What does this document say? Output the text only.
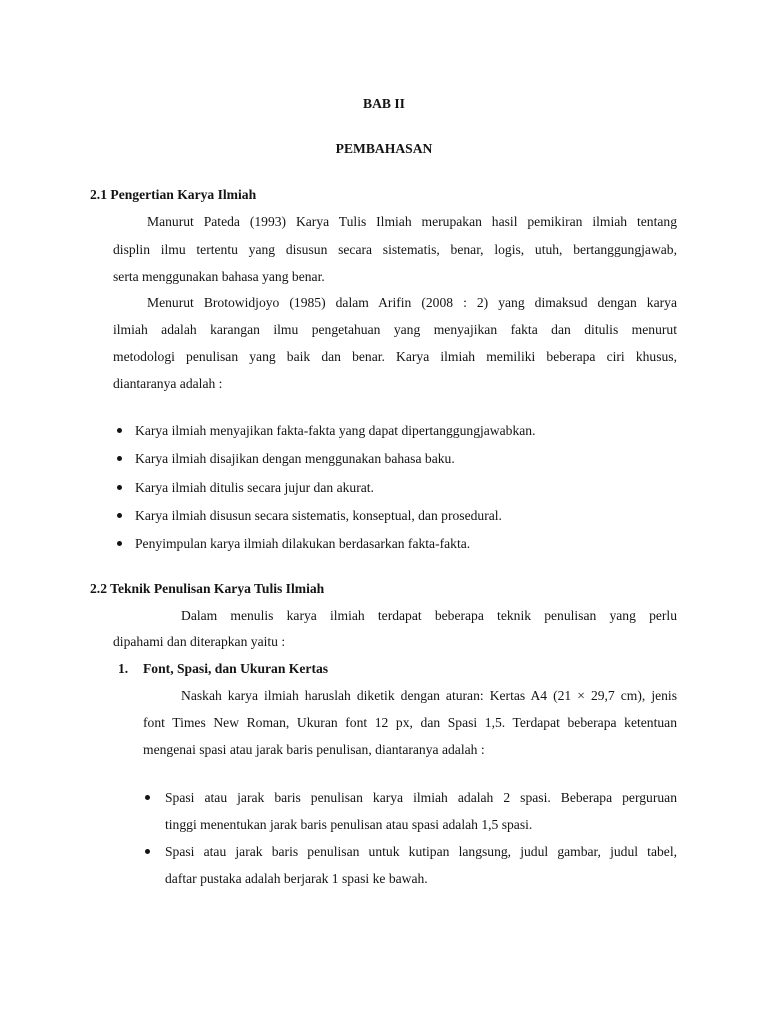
BAB II
PEMBAHASAN
2.1 Pengertian Karya Ilmiah
Manurut Pateda (1993) Karya Tulis Ilmiah merupakan hasil pemikiran ilmiah tentang
displin ilmu tertentu yang disusun secara sistematis, benar, logis, utuh, bertanggungjawab,
serta menggunakan bahasa yang benar.
Menurut Brotowidjoyo (1985) dalam Arifin (2008 : 2) yang dimaksud dengan karya
ilmiah adalah karangan ilmu pengetahuan yang menyajikan fakta dan ditulis menurut
metodologi penulisan yang baik dan benar. Karya ilmiah memiliki beberapa ciri khusus,
diantaranya adalah :
Karya ilmiah menyajikan fakta-fakta yang dapat dipertanggungjawabkan.
Karya ilmiah disajikan dengan menggunakan bahasa baku.
Karya ilmiah ditulis secara jujur dan akurat.
Karya ilmiah disusun secara sistematis, konseptual, dan prosedural.
Penyimpulan karya ilmiah dilakukan berdasarkan fakta-fakta.
2.2 Teknik Penulisan Karya Tulis Ilmiah
Dalam menulis karya ilmiah terdapat beberapa teknik penulisan yang perlu
dipahami dan diterapkan yaitu :
1. Font, Spasi, dan Ukuran Kertas
Naskah karya ilmiah haruslah diketik dengan aturan: Kertas A4 (21 × 29,7 cm), jenis
font Times New Roman, Ukuran font 12 px, dan Spasi 1,5. Terdapat beberapa ketentuan
mengenai spasi atau jarak baris penulisan, diantaranya adalah :
Spasi atau jarak baris penulisan karya ilmiah adalah 2 spasi. Beberapa perguruan
tinggi menentukan jarak baris penulisan atau spasi adalah 1,5 spasi.
Spasi atau jarak baris penulisan untuk kutipan langsung, judul gambar, judul tabel,
daftar pustaka adalah berjarak 1 spasi ke bawah.
